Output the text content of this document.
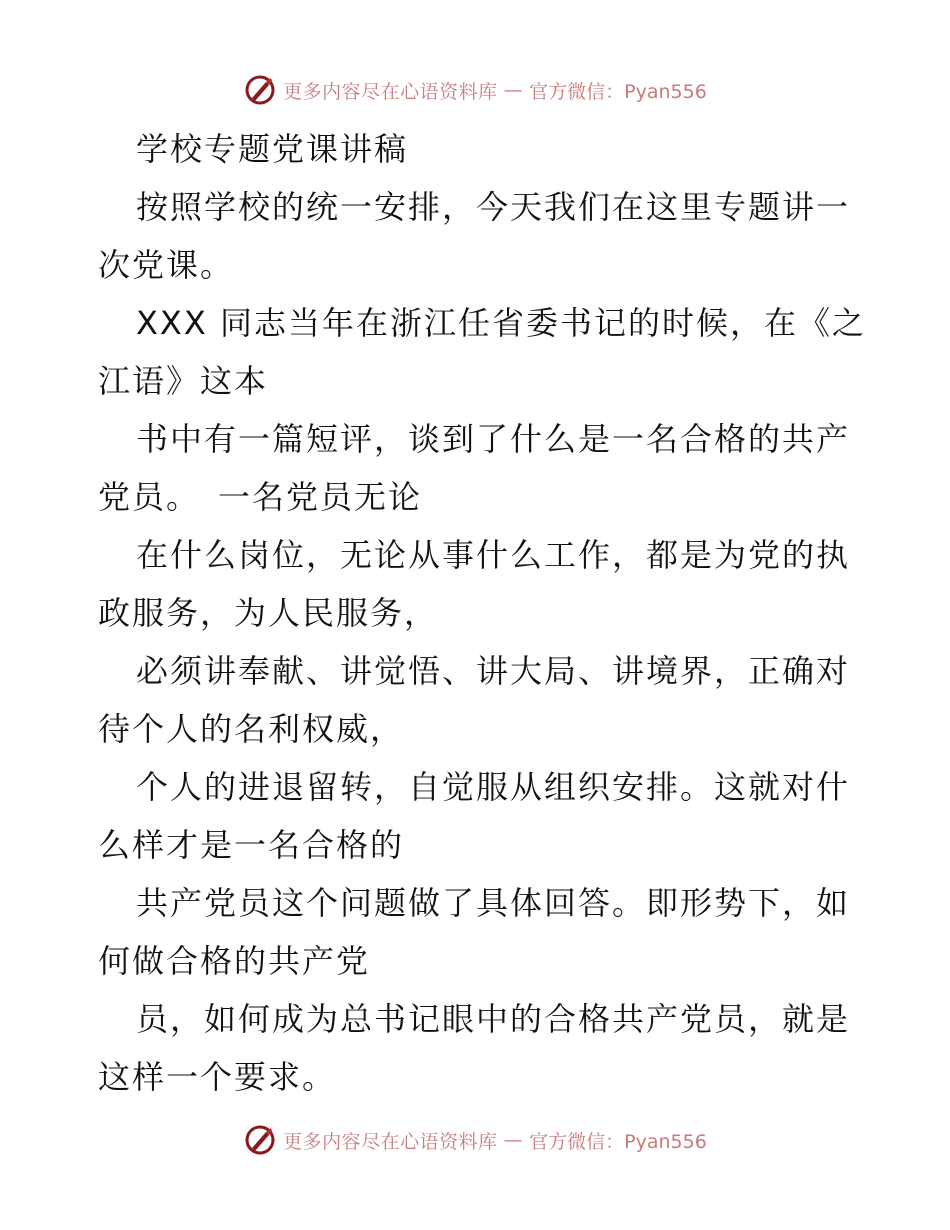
更多内容尽在心语资料库 — 官方微信：Pyan556
学校专题党课讲稿
按照学校的统一安排，今天我们在这里专题讲一
次党课。
XXX 同志当年在浙江任省委书记的时候，在《之
江语》这本
书中有一篇短评，谈到了什么是一名合格的共产
党员。　一名党员无论
在什么岗位，无论从事什么工作，都是为党的执
政服务，为人民服务，
必须讲奉献、讲觉悟、讲大局、讲境界，正确对
待个人的名利权威，
个人的进退留转，自觉服从组织安排。这就对什
么样才是一名合格的
共产党员这个问题做了具体回答。即形势下，如
何做合格的共产党
员，如何成为总书记眼中的合格共产党员，就是
这样一个要求。
更多内容尽在心语资料库 — 官方微信：Pyan556
